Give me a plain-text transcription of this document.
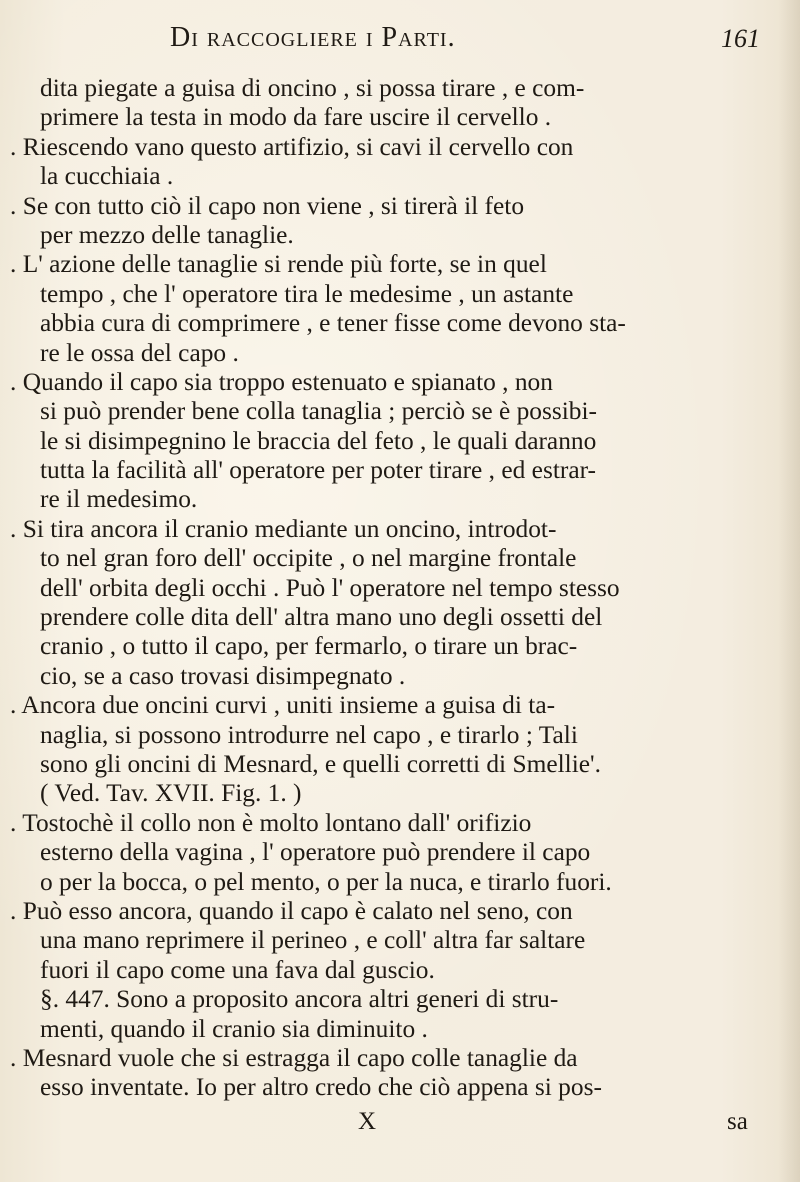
Di raccogliere i Parti.	161
dita piegate a guisa di oncino , si possa tirare , e com-
primere la testa in modo da fare uscire il cervello .
. Riescendo vano questo artifizio, si cavi il cervello con
la cucchiaia .
. Se con tutto ciò il capo non viene , si tirerà il feto
per mezzo delle tanaglie.
. L' azione delle tanaglie si rende più forte, se in quel
tempo , che l' operatore tira le medesime , un astante
abbia cura di comprimere , e tener fisse come devono sta-
re le ossa del capo .
. Quando il capo sia troppo estenuato e spianato , non
si può prender bene colla tanaglia ; perciò se è possibi-
le si disimpegnino le braccia del feto , le quali daranno
tutta la facilità all' operatore per poter tirare , ed estrar-
re il medesimo.
. Si tira ancora il cranio mediante un oncino, introdot-
to nel gran foro dell' occipite , o nel margine frontale
dell' orbita degli occhi . Può l' operatore nel tempo stesso
prendere colle dita dell' altra mano uno degli ossetti del
cranio , o tutto il capo, per fermarlo, o tirare un brac-
cio, se a caso trovasi disimpegnato .
. Ancora due oncini curvi , uniti insieme a guisa di ta-
naglia, si possono introdurre nel capo , e tirarlo ; Tali
sono gli oncini di Mesnard, e quelli corretti di Smellie'.
( Ved. Tav. XVII. Fig. 1. )
. Tostochè il collo non è molto lontano dall' orifizio
esterno della vagina , l' operatore può prendere il capo
o per la bocca, o pel mento, o per la nuca, e tirarlo fuori.
. Può esso ancora, quando il capo è calato nel seno, con
una mano reprimere il perineo , e coll' altra far saltare
fuori il capo come una fava dal guscio.
§. 447. Sono a proposito ancora altri generi di stru-
menti, quando il cranio sia diminuito .
. Mesnard vuole che si estragga il capo colle tanaglie da
esso inventate. Io per altro credo che ciò appena si pos-
X	sa
